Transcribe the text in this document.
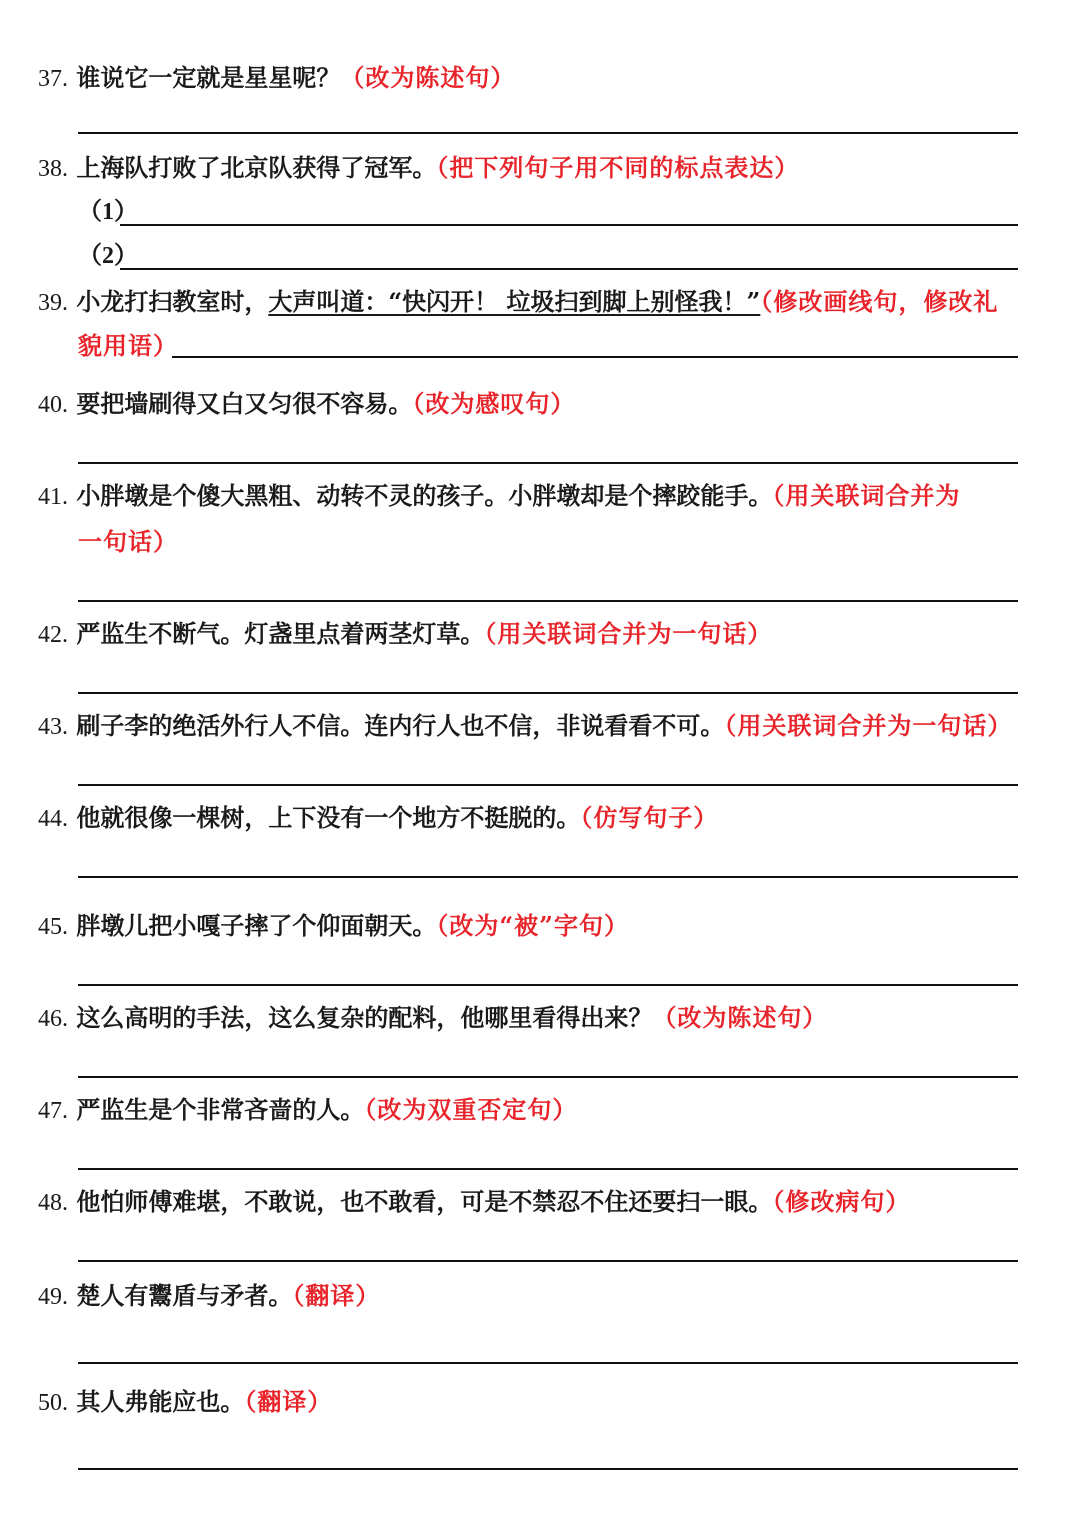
37. 谁说它一定就是星星呢？（改为陈述句）
38. 上海队打败了北京队获得了冠军。（把下列句子用不同的标点表达）
（1）
（2）
39. 小龙打扫教室时，大声叫道：“快闪开！ 垃圾扫到脚上别怪我！”（修改画线句，修改礼
貌用语）
40. 要把墙刷得又白又匀很不容易。（改为感叹句）
41. 小胖墩是个傻大黑粗、动转不灵的孩子。小胖墩却是个摔跤能手。（用关联词合并为
一句话）
42. 严监生不断气。灯盏里点着两茎灯草。（用关联词合并为一句话）
43. 刷子李的绝活外行人不信。连内行人也不信，非说看看不可。（用关联词合并为一句话）
44. 他就很像一棵树，上下没有一个地方不挺脱的。（仿写句子）
45. 胖墩儿把小嘎子摔了个仰面朝天。（改为“被”字句）
46. 这么高明的手法，这么复杂的配料，他哪里看得出来？（改为陈述句）
47. 严监生是个非常吝啬的人。（改为双重否定句）
48. 他怕师傅难堪，不敢说，也不敢看，可是不禁忍不住还要扫一眼。（修改病句）
49. 楚人有鬻盾与矛者。（翻译）
50. 其人弗能应也。（翻译）
